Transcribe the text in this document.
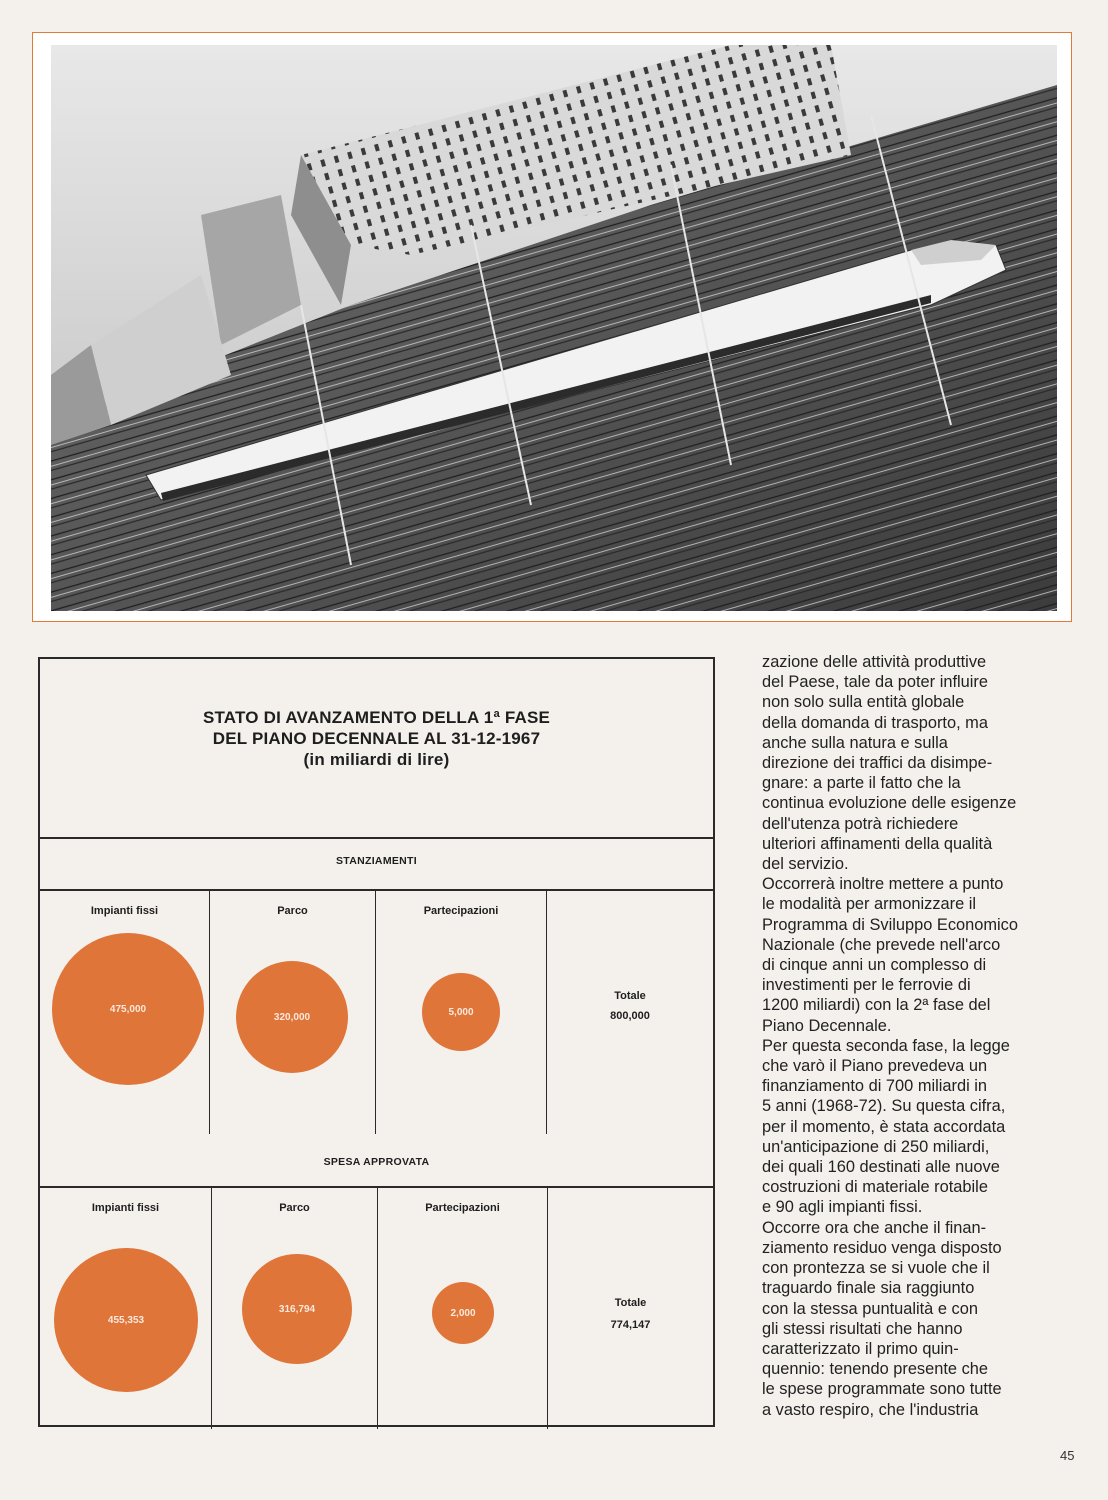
STATO DI AVANZAMENTO DELLA 1ª FASE
DEL PIANO DECENNALE AL 31-12-1967
(in miliardi di lire)
STANZIAMENTI
Impianti fissi
475,000
Parco
320,000
Partecipazioni
5,000
Totale
800,000
SPESA APPROVATA
Impianti fissi
455,353
Parco
316,794
Partecipazioni
2,000
Totale
774,147

zazione delle attività produttive

del Paese, tale da poter influire

non solo sulla entità globale

della domanda di trasporto, ma

anche sulla natura e sulla

direzione dei traffici da disimpe-

gnare: a parte il fatto che la

continua evoluzione delle esigenze

dell'utenza potrà richiedere

ulteriori affinamenti della qualità

del servizio.

Occorrerà inoltre mettere a punto

le modalità per armonizzare il

Programma di Sviluppo Economico

Nazionale (che prevede nell'arco

di cinque anni un complesso di

investimenti per le ferrovie di

1200 miliardi) con la 2ª fase del

Piano Decennale.

Per questa seconda fase, la legge

che varò il Piano prevedeva un

finanziamento di 700 miliardi in

5 anni (1968-72). Su questa cifra,

per il momento, è stata accordata

un'anticipazione di 250 miliardi,

dei quali 160 destinati alle nuove

costruzioni di materiale rotabile

e 90 agli impianti fissi.

Occorre ora che anche il finan-

ziamento residuo venga disposto

con prontezza se si vuole che il

traguardo finale sia raggiunto

con la stessa puntualità e con

gli stessi risultati che hanno

caratterizzato il primo quin-

quennio: tenendo presente che

le spese programmate sono tutte

a vasto respiro, che l'industria

45
